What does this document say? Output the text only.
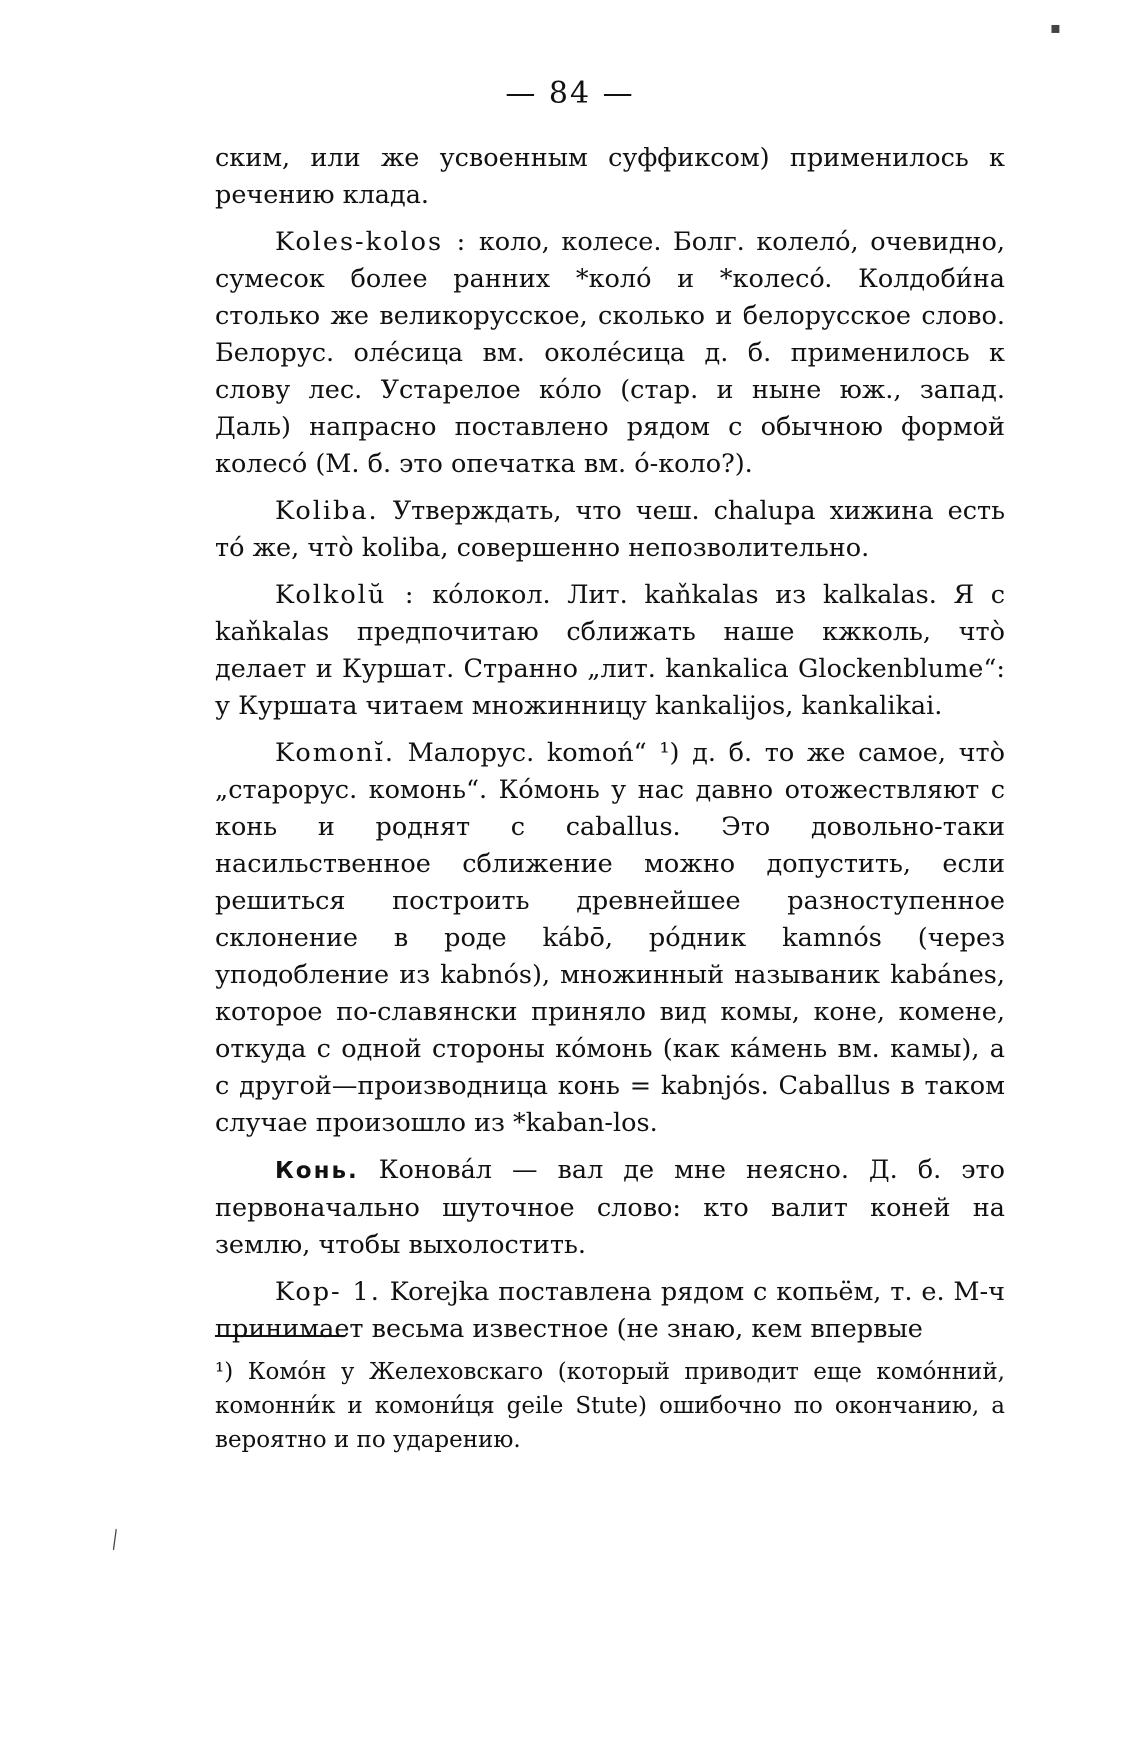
— 84 —

ским, или же усвоенным суффиксом) применилось к речению клада.

Koles-kolos : коло, колесе. Болг. колелó, очевидно, сумесок более ранних *колó и *колесó. Колдоби́на столько же великорусское, сколько и белорусское слово. Белорус. олéсица вм. околéсица д. б. применилось к слову лес. Устарелое кóло (стар. и ныне юж., запад. Даль) напрасно поставлено рядом с обычною формой колесó (М. б. это опечатка вм. ó-коло?).

Koliba. Утверждать, что чеш. chalupa хижина есть то́ же, что̀ koliba, совершенно непозволительно.

Kolkolŭ : кóлокол. Лит. kaňkalas из kalkalas. Я с kaňkalas предпочитаю сближать наше кжколь, что̀ делает и Куршат. Странно „лит. kankalica Glockenblume“: у Куршата читаем множинницу kankalijos, kankalikai.

Komonĭ. Малорус. komoń“ ¹) д. б. то же самое, что̀ „старорус. комонь“. Кóмонь у нас давно отожествляют с конь и роднят с caballus. Это довольно-таки насильственное сближение можно допустить, если решиться построить древнейшее разноступенное склонение в роде kábō, рóдник kamnós (через уподобление из kabnós), множинный называник kabánes, которое по-славянски приняло вид комы, коне, комене, откуда с одной стороны кóмонь (как кáмень вм. камы), а с другой—производница конь = kabnjós. Caballus в таком случае произошло из *kaban-los.

Конь. Коновáл — вал де мне неясно. Д. б. это первоначально шуточное слово: кто валит коней на землю, чтобы выхолостить.

Kop- 1. Korejka поставлена рядом с копьём, т. е. М-ч принимает весьма известное (не знаю, кем впервые

¹) Комóн у Желеховскаго (который приводит еще комóнний, комонни́к и комони́ця geile Stute) ошибочно по окончанию, а вероятно и по ударению.
▪︎
╲
